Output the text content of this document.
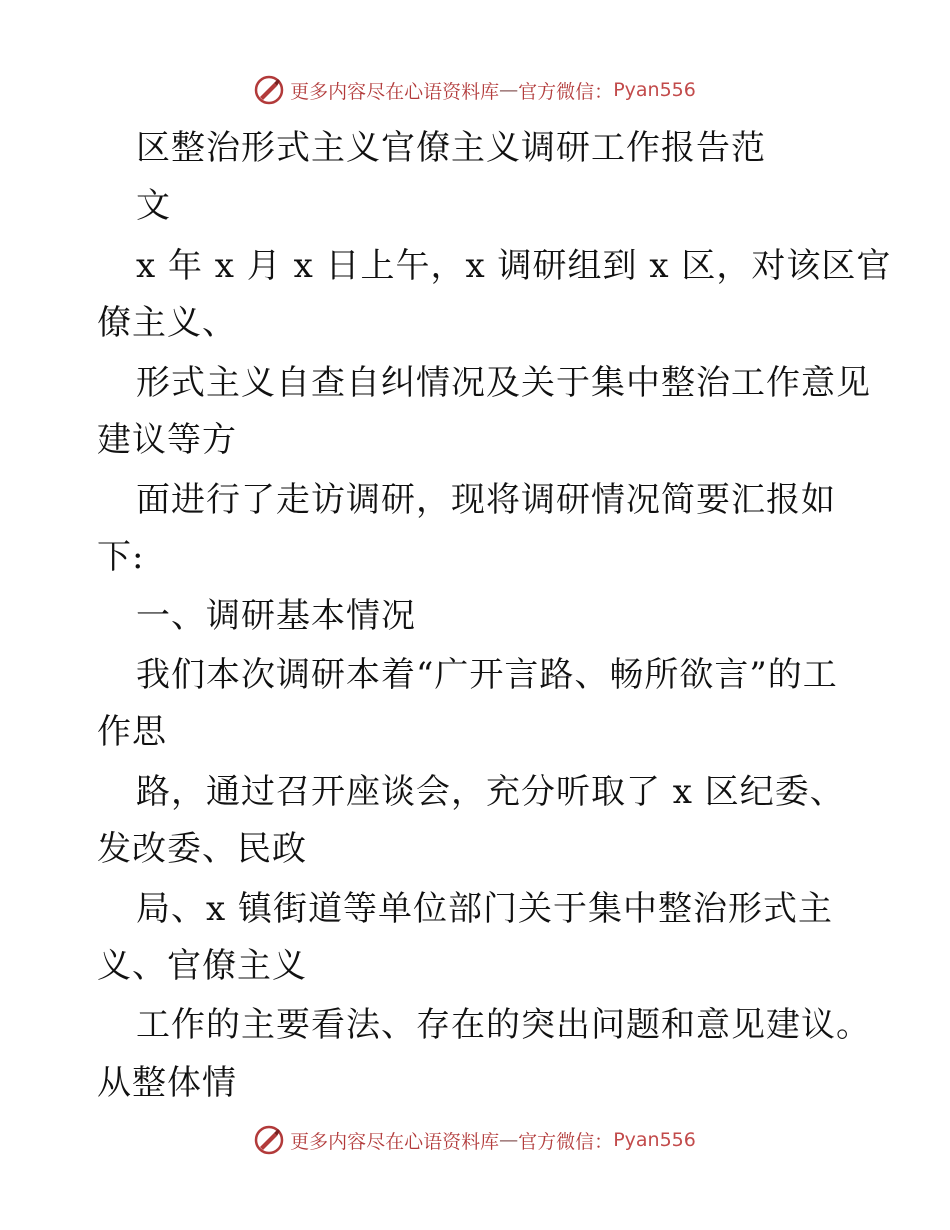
更多内容尽在心语资料库 — 官方微信： Pyan556
区整治形式主义官僚主义调研工作报告范
文
x 年 x 月 x 日上午，x 调研组到 x 区，对该区官
僚主义、
形式主义自查自纠情况及关于集中整治工作意见
建议等方
面进行了走访调研，现将调研情况简要汇报如
下:
一、调研基本情况
我们本次调研本着“广开言路、畅所欲言”的工
作思
路，通过召开座谈会，充分听取了 x 区纪委、
发改委、民政
局、x 镇街道等单位部门关于集中整治形式主
义、官僚主义
工作的主要看法、存在的突出问题和意见建议。
从整体情
更多内容尽在心语资料库 — 官方微信： Pyan556
